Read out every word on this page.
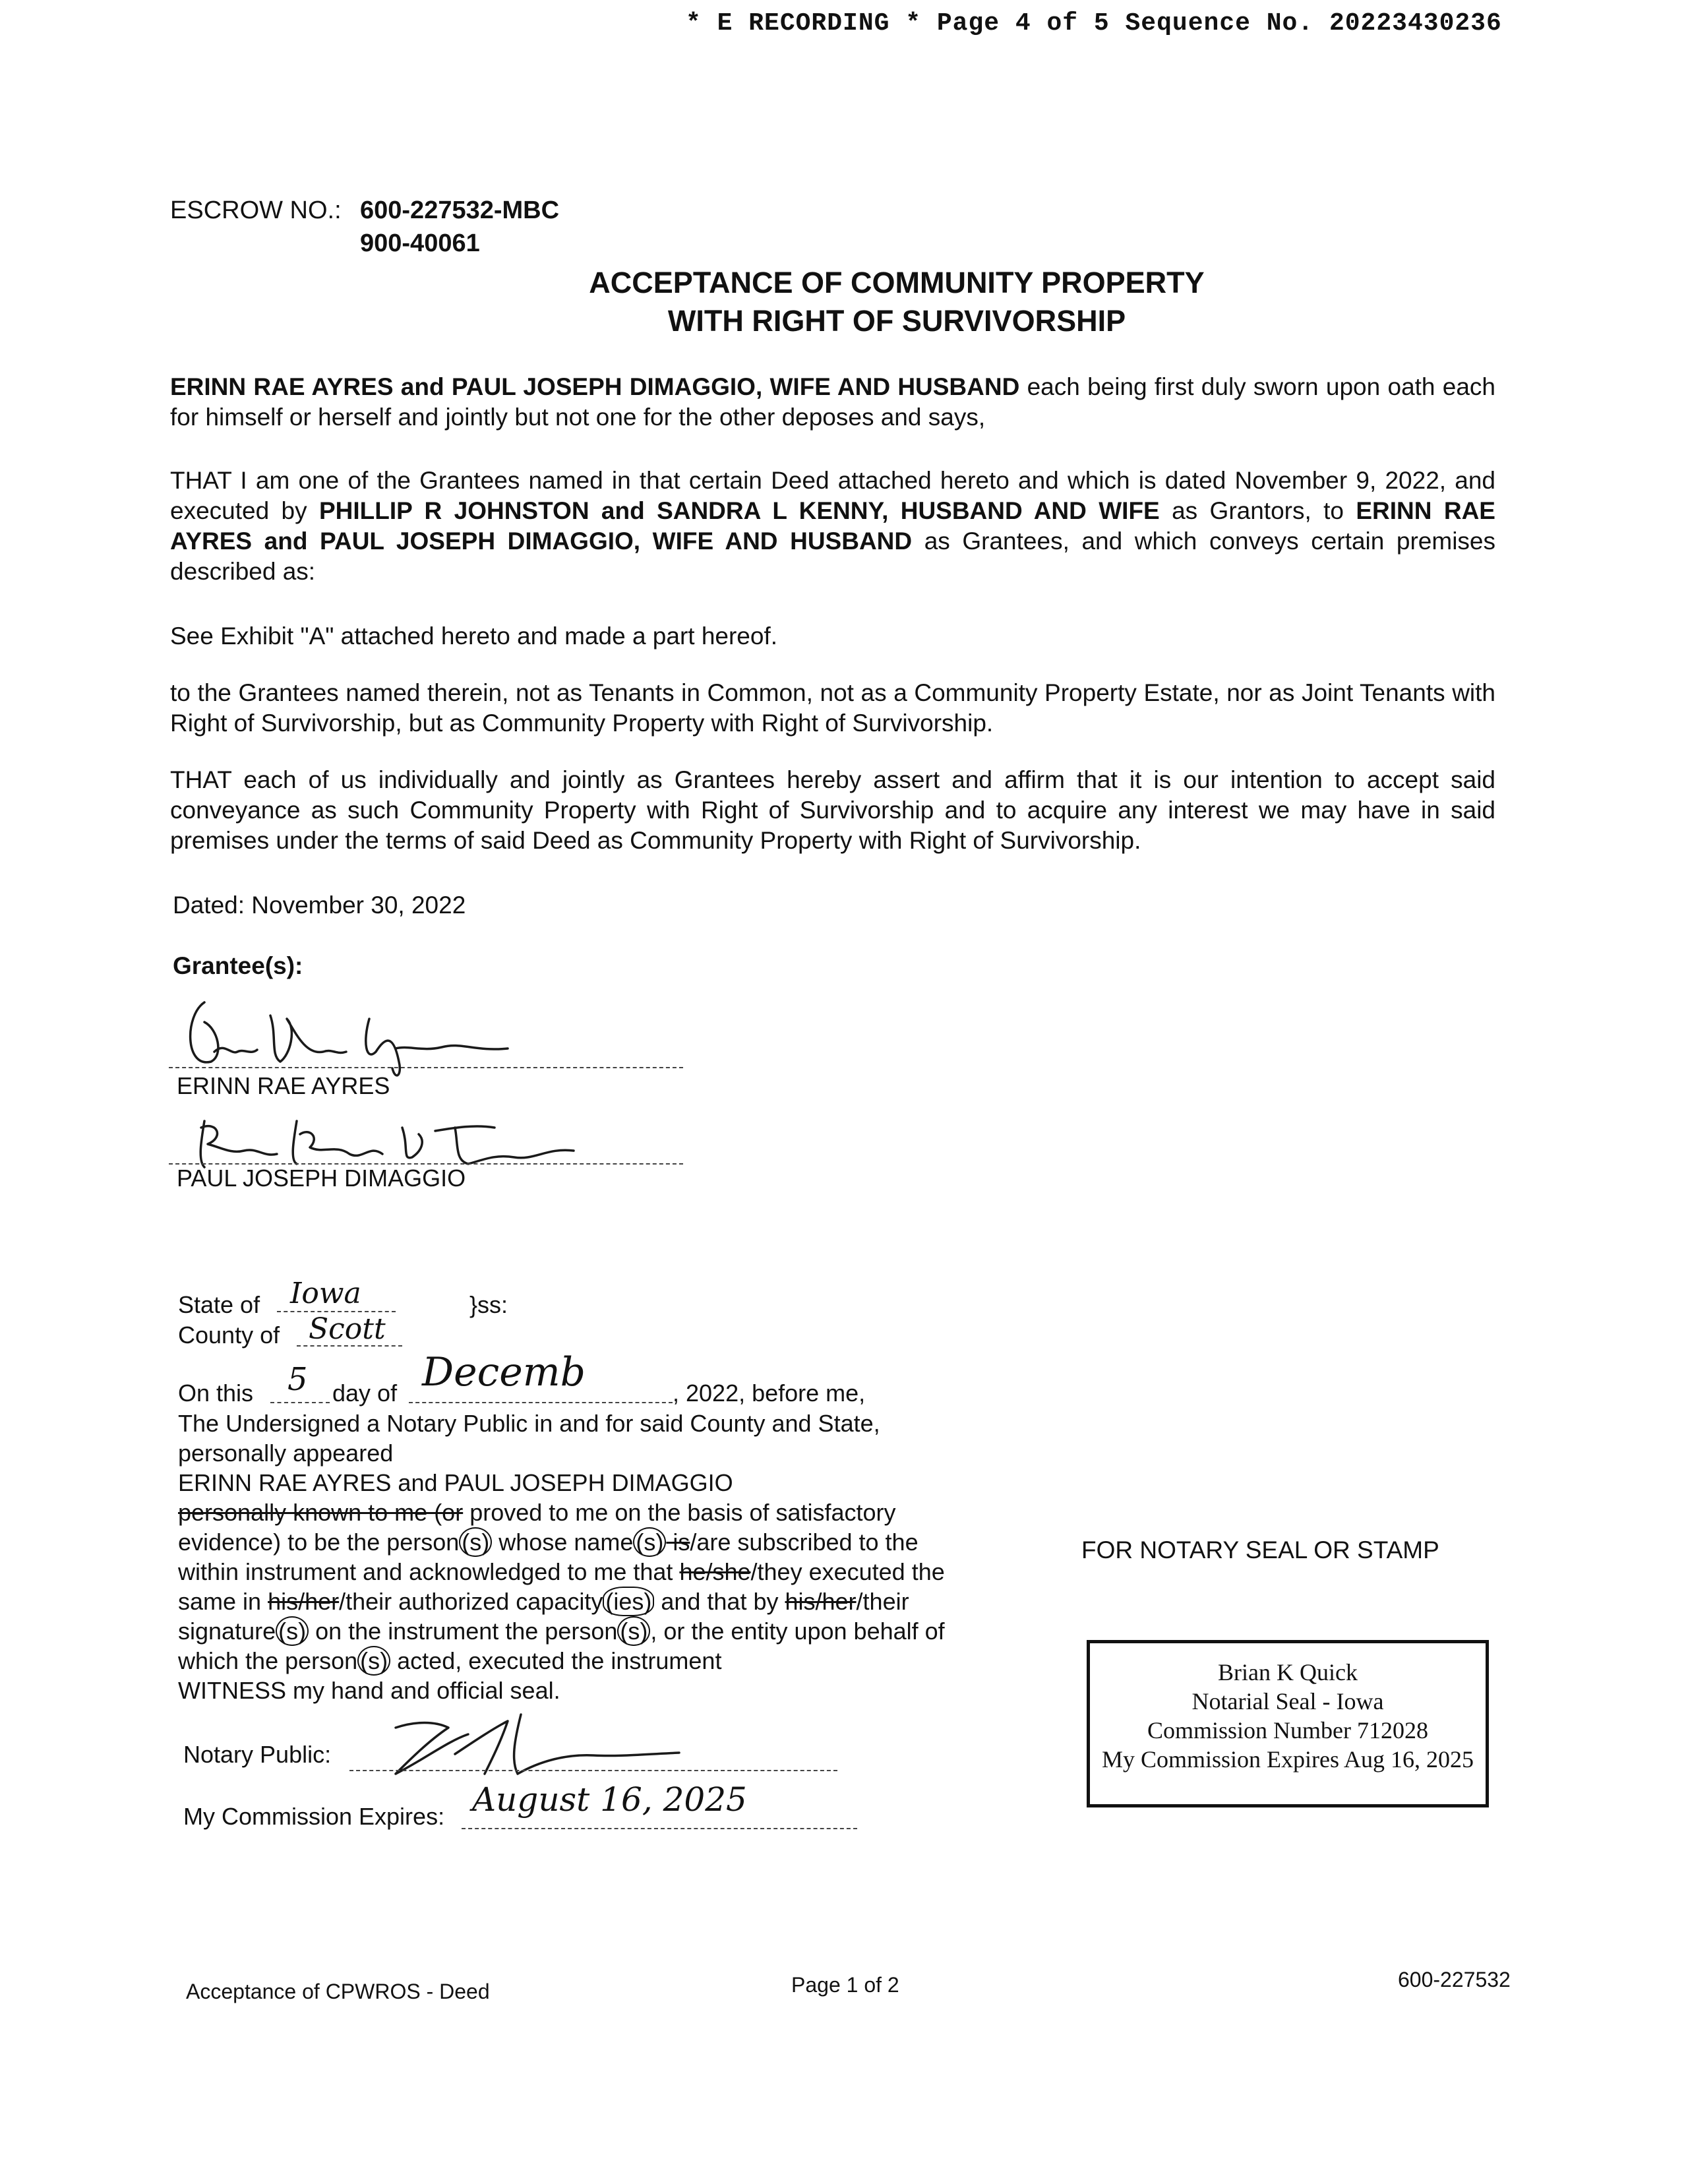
* E RECORDING * Page 4 of 5 Sequence No. 20223430236
ESCROW NO.: 600-227532-MBC
900-40061
ACCEPTANCE OF COMMUNITY PROPERTY
WITH RIGHT OF SURVIVORSHIP
ERINN RAE AYRES and PAUL JOSEPH DIMAGGIO, WIFE AND HUSBAND each being first duly sworn upon oath each for himself or herself and jointly but not one for the other deposes and says,
THAT I am one of the Grantees named in that certain Deed attached hereto and which is dated November 9, 2022, and executed by PHILLIP R JOHNSTON and SANDRA L KENNY, HUSBAND AND WIFE as Grantors, to ERINN RAE AYRES and PAUL JOSEPH DIMAGGIO, WIFE AND HUSBAND as Grantees, and which conveys certain premises described as:
See Exhibit "A" attached hereto and made a part hereof.
to the Grantees named therein, not as Tenants in Common, not as a Community Property Estate, nor as Joint Tenants with Right of Survivorship, but as Community Property with Right of Survivorship.
THAT each of us individually and jointly as Grantees hereby assert and affirm that it is our intention to accept said conveyance as such Community Property with Right of Survivorship and to acquire any interest we may have in said premises under the terms of said Deed as Community Property with Right of Survivorship.
Dated: November 30, 2022
Grantee(s):
ERINN RAE AYRES
PAUL JOSEPH DIMAGGIO
State of Iowa	}ss:
County of Scott
On this 5 day of Decemb	, 2022, before me,
The Undersigned a Notary Public in and for said County and State,
personally appeared
ERINN RAE AYRES and PAUL JOSEPH DIMAGGIO
personally known to me (or proved to me on the basis of satisfactory
evidence) to be the person (s) whose name (s) is/are subscribed to the
within instrument and acknowledged to me that he/she/they executed the
same in his/her/their authorized capacity (ies) and that by his/her/their
signature (s) on the instrument the person (s) , or the entity upon behalf of
which the person (s) acted, executed the instrument
WITNESS my hand and official seal.
Notary Public:
My Commission Expires: August 16, 2025
FOR NOTARY SEAL OR STAMP
Brian K Quick
Notarial Seal - Iowa
Commission Number 712028
My Commission Expires Aug 16, 2025
Acceptance of CPWROS - Deed	Page 1 of 2	600-227532
